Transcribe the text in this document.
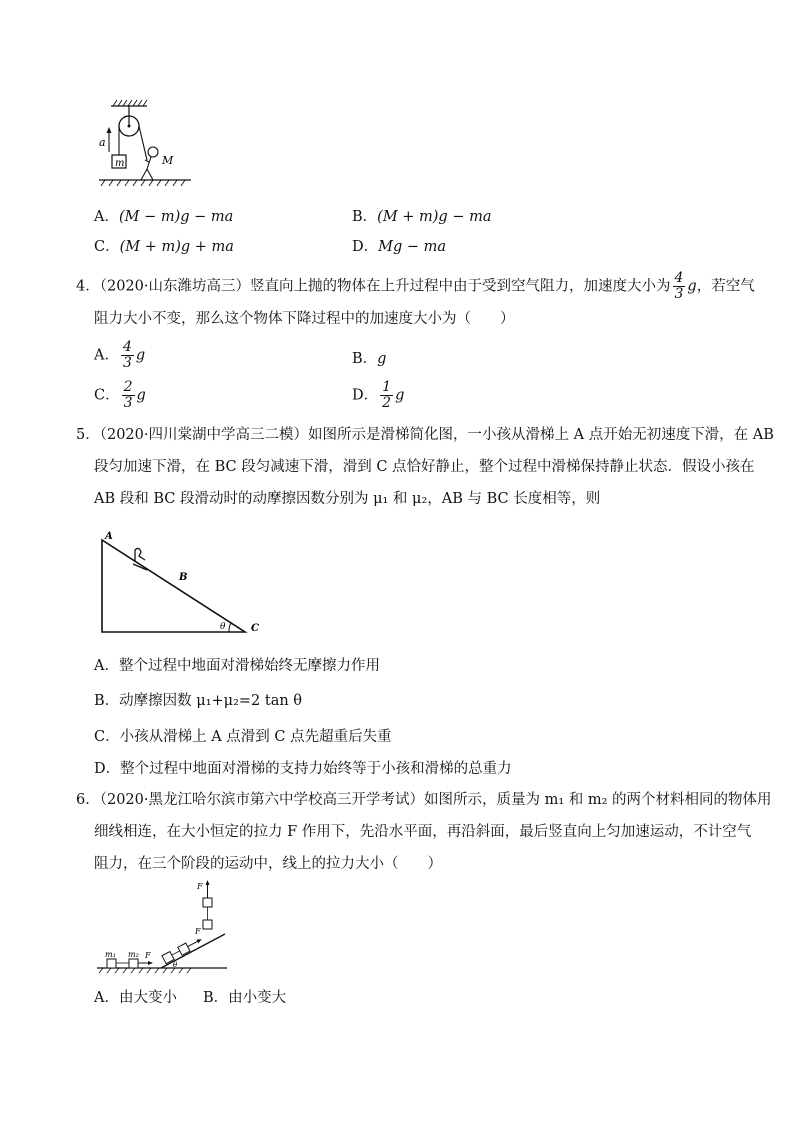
m
a
M
A．(M − m)g − ma	B．(M + m)g − ma
C．(M + m)g + ma	D．Mg − ma
4．（2020·山东潍坊高三）竖直向上抛的物体在上升过程中由于受到空气阻力，加速度大小为 $\frac{4}{3}$ g，若空气
阻力大小不变，那么这个物体下降过程中的加速度大小为（　　）
A． $\frac{4}{3}$ g	B．g
C． $\frac{2}{3}$ g	D． $\frac{1}{2}$ g
5．（2020·四川棠湖中学高三二模）如图所示是滑梯简化图，一小孩从滑梯上 A 点开始无初速度下滑，在 AB
段匀加速下滑，在 BC 段匀减速下滑，滑到 C 点恰好静止，整个过程中滑梯保持静止状态．假设小孩在
AB 段和 BC 段滑动时的动摩擦因数分别为 μ₁ 和 μ₂，AB 与 BC 长度相等，则
A
B
C
θ
A．整个过程中地面对滑梯始终无摩擦力作用
B．动摩擦因数 μ₁+μ₂=2 tan θ
C．小孩从滑梯上 A 点滑到 C 点先超重后失重
D．整个过程中地面对滑梯的支持力始终等于小孩和滑梯的总重力
6．（2020·黑龙江哈尔滨市第六中学校高三开学考试）如图所示，质量为 m₁ 和 m₂ 的两个材料相同的物体用
细线相连，在大小恒定的拉力 F 作用下，先沿水平面，再沿斜面，最后竖直向上匀加速运动，不计空气
阻力，在三个阶段的运动中，线上的拉力大小（　　）
m₁ m₂ F
F
θ
F
A．由大变小 B．由小变大
